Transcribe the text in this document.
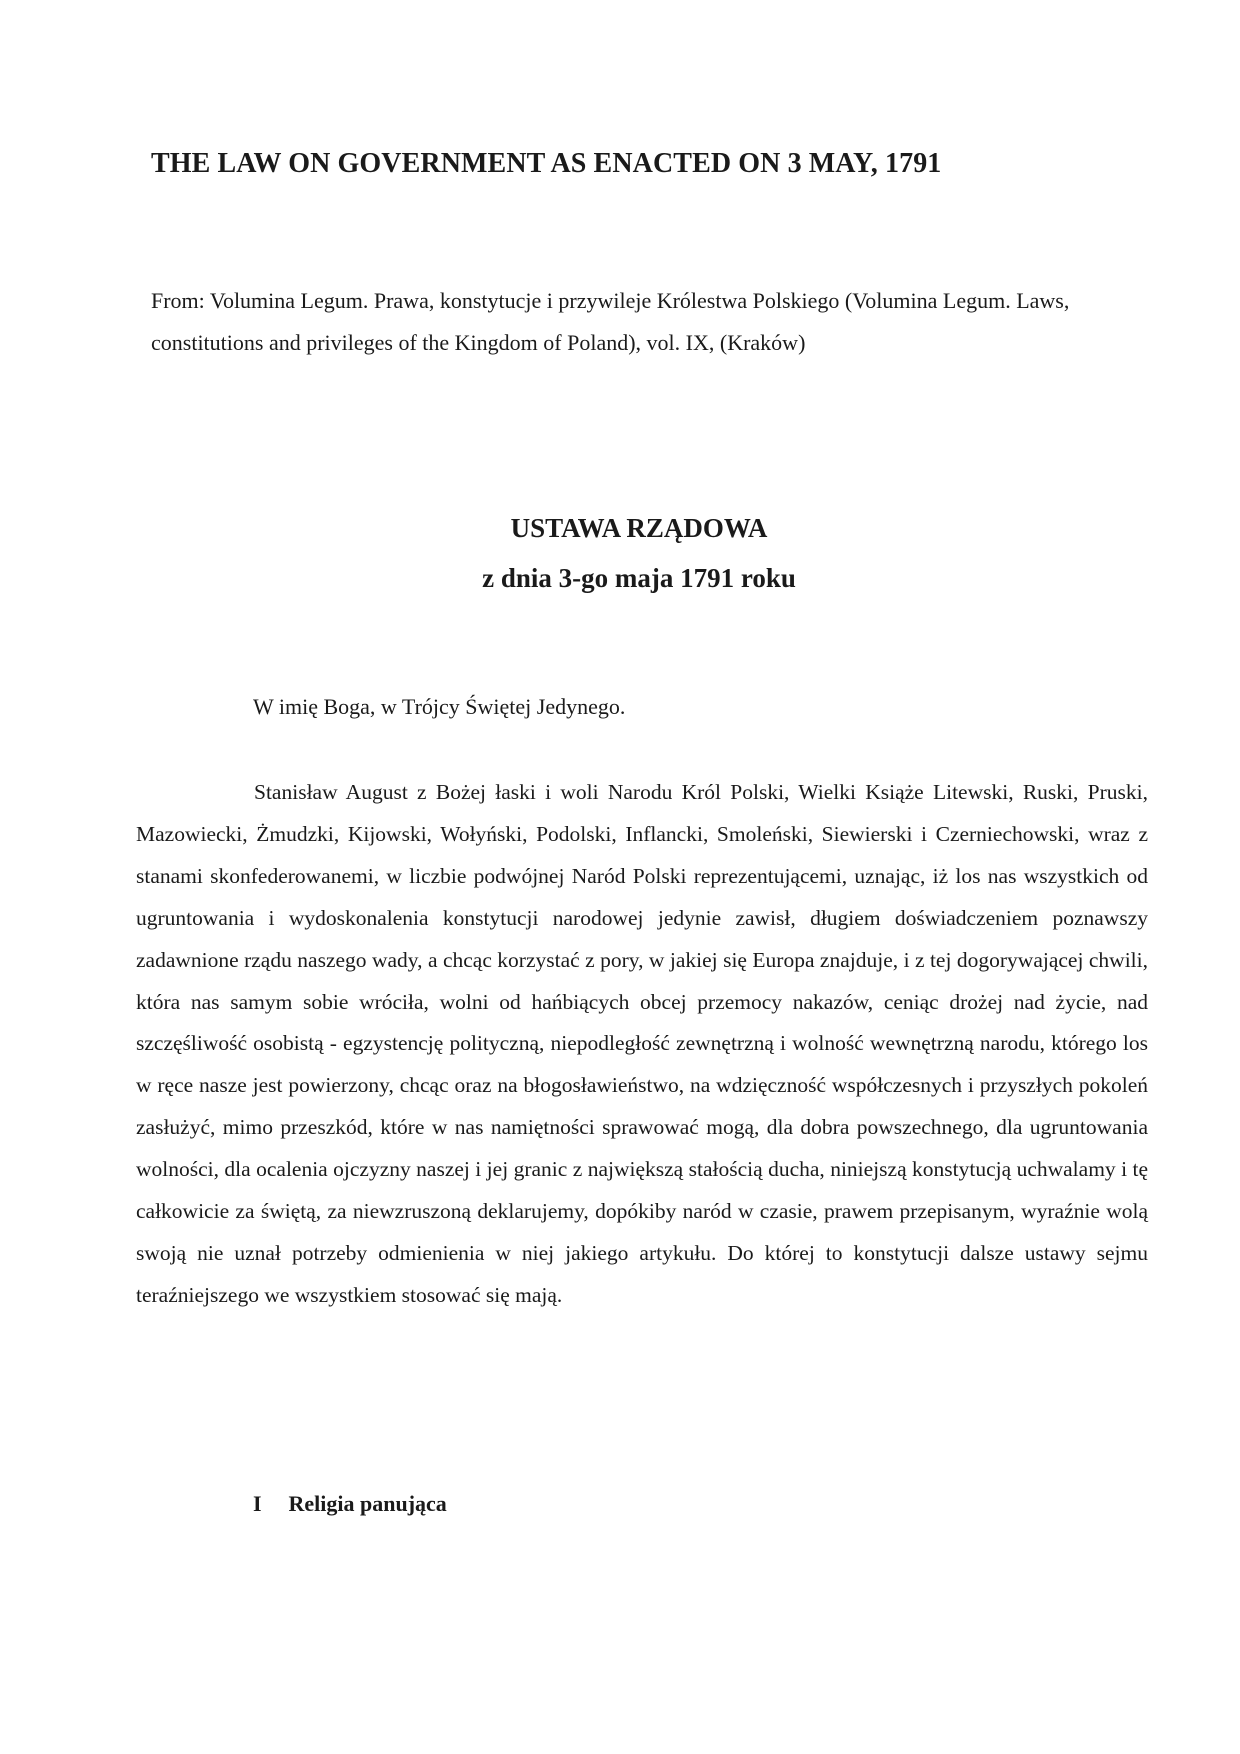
THE LAW ON GOVERNMENT AS ENACTED ON 3 MAY, 1791

From: Volumina Legum. Prawa, konstytucje i przywileje Królestwa Polskiego (Volumina Legum. Laws, constitutions and privileges of the Kingdom of Poland), vol. IX, (Kraków)

USTAWA RZĄDOWA
z dnia 3-go maja 1791 roku

W imię Boga, w Trójcy Świętej Jedynego.

Stanisław August z Bożej łaski i woli Narodu Król Polski, Wielki Książe Litewski, Ruski, Pruski, Mazowiecki, Żmudzki, Kijowski, Wołyński, Podolski, Inflancki, Smoleński, Siewierski i Czerniechowski, wraz z stanami skonfederowanemi, w liczbie podwójnej Naród Polski reprezentującemi, uznając, iż los nas wszystkich od ugruntowania i wydoskonalenia konstytucji narodowej jedynie zawisł, długiem doświadczeniem poznawszy zadawnione rządu naszego wady, a chcąc korzystać z pory, w jakiej się Europa znajduje, i z tej dogorywającej chwili, która nas samym sobie wróciła, wolni od hańbiących obcej przemocy nakazów, ceniąc drożej nad życie, nad szczęśliwość osobistą - egzystencję polityczną, niepodległość zewnętrzną i wolność wewnętrzną narodu, którego los w ręce nasze jest powierzony, chcąc oraz na błogosławieństwo, na wdzięczność współczesnych i przyszłych pokoleń zasłużyć, mimo przeszkód, które w nas namiętności sprawować mogą, dla dobra powszechnego, dla ugruntowania wolności, dla ocalenia ojczyzny naszej i jej granic z największą stałością ducha, niniejszą konstytucją uchwalamy i tę całkowicie za świętą, za niewzruszoną deklarujemy, dopókiby naród w czasie, prawem przepisanym, wyraźnie wolą swoją nie uznał potrzeby odmienienia w niej jakiego artykułu. Do której to konstytucji dalsze ustawy sejmu teraźniejszego we wszystkiem stosować się mają.

I Religia panująca
